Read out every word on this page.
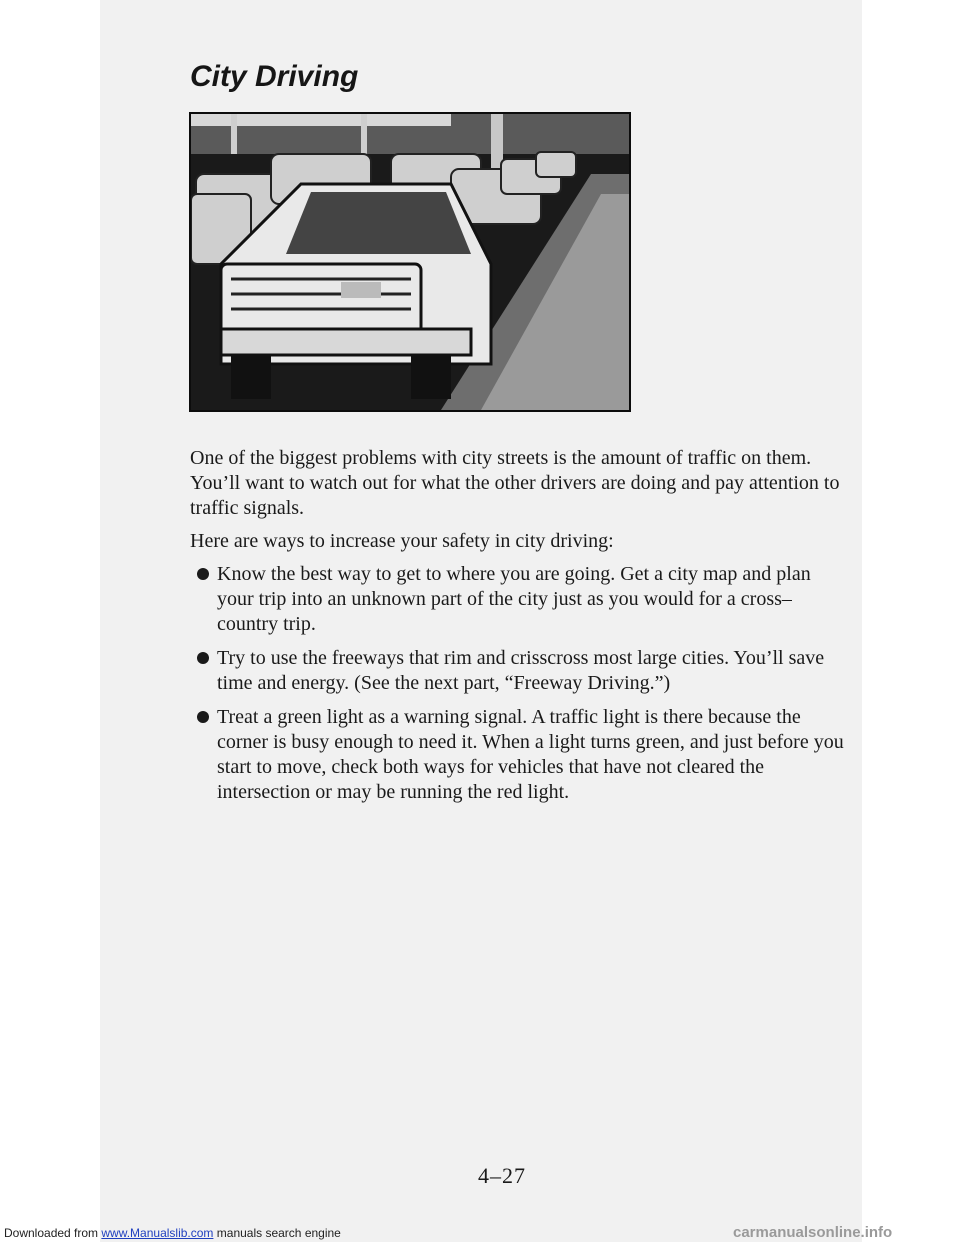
City Driving

One of the biggest problems with city streets is the amount of traffic on them. You’ll want to watch out for what the other drivers are doing and pay attention to traffic signals.

Here are ways to increase your safety in city driving:

Know the best way to get to where you are going. Get a city map and plan your trip into an unknown part of the city just as you would for a cross–country trip.
Try to use the freeways that rim and crisscross most large cities. You’ll save time and energy. (See the next part, “Freeway Driving.”)
Treat a green light as a warning signal. A traffic light is there because the corner is busy enough to need it. When a light turns green, and just before you start to move, check both ways for vehicles that have not cleared the intersection or may be running the red light.
4–27
Downloaded from www.Manualslib.com manuals search engine	carmanualsonline.info
